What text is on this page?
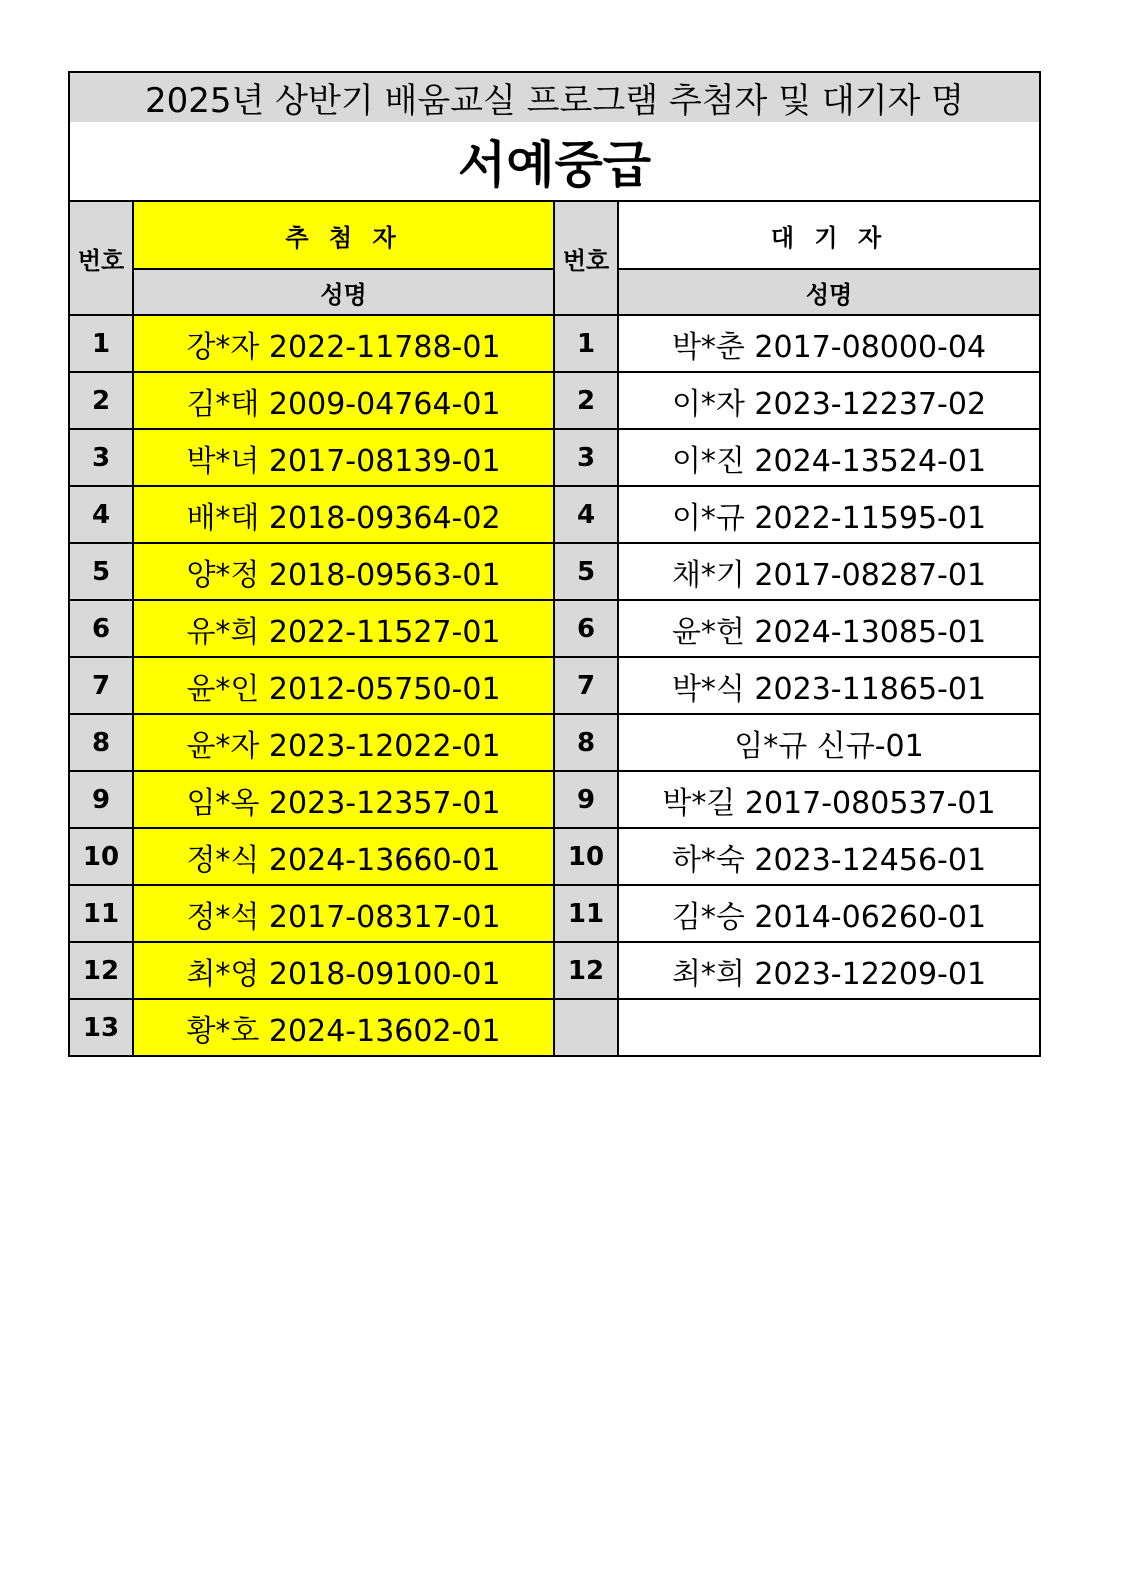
2025년 상반기 배움교실 프로그램 추첨자 및 대기자 명			
서예중급			
번호	추 첨 자	번호	대 기 자
	성명		성명
1	강*자 2022-11788-01	1	박*춘 2017-08000-04
2	김*태 2009-04764-01	2	이*자 2023-12237-02
3	박*녀 2017-08139-01	3	이*진 2024-13524-01
4	배*태 2018-09364-02	4	이*규 2022-11595-01
5	양*정 2018-09563-01	5	채*기 2017-08287-01
6	유*희 2022-11527-01	6	윤*헌 2024-13085-01
7	윤*인 2012-05750-01	7	박*식 2023-11865-01
8	윤*자 2023-12022-01	8	임*규 신규-01
9	임*옥 2023-12357-01	9	박*길 2017-080537-01
10	정*식 2024-13660-01	10	하*숙 2023-12456-01
11	정*석 2017-08317-01	11	김*승 2014-06260-01
12	최*영 2018-09100-01	12	최*희 2023-12209-01
13	황*호 2024-13602-01		
